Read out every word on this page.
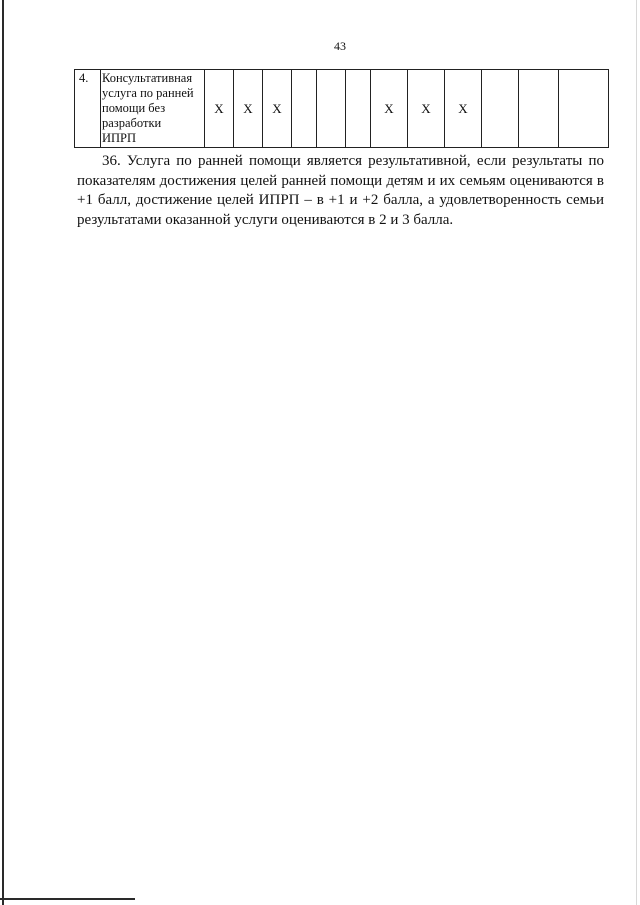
43
4.	Консультативная
услуга по ранней
помощи без
разработки
ИПРП
	Х	Х	Х				Х	Х	Х			
36. Услуга по ранней помощи является результативной, если результаты по
показателям достижения целей ранней помощи детям и их семьям оцениваются в
+1 балл, достижение целей ИПРП – в +1 и +2 балла, а удовлетворенность семьи
результатами оказанной услуги оцениваются в 2 и 3 балла.
